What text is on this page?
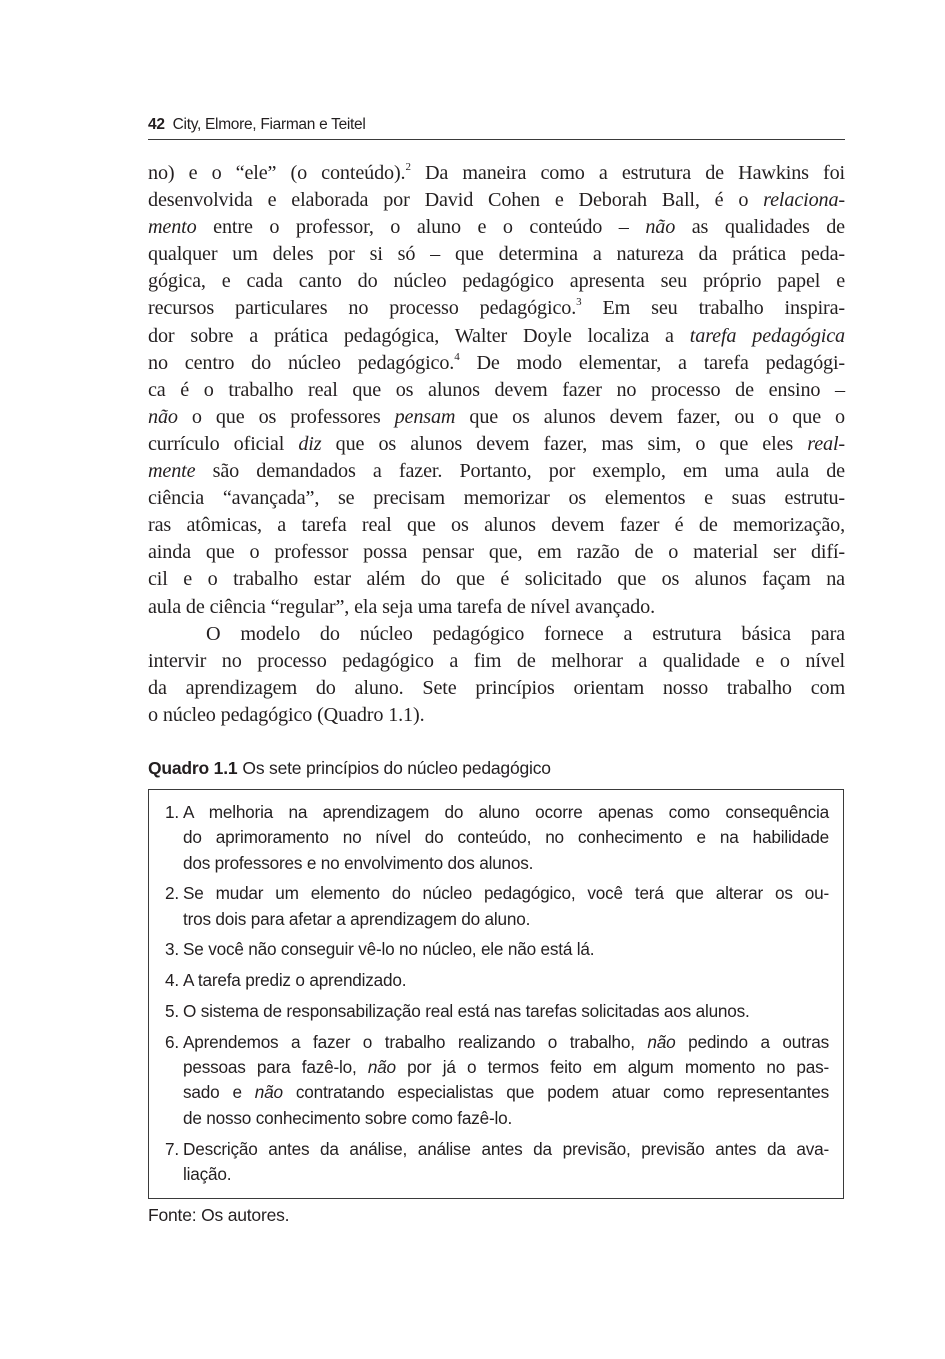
42 City, Elmore, Fiarman e Teitel
no) e o “ele” (o conteúdo).$^2$ Da maneira como a estrutura de Hawkins foi
desenvolvida e elaborada por David Cohen e Deborah Ball, é o relaciona-
mento entre o professor, o aluno e o conteúdo – não as qualidades de
qualquer um deles por si só – que determina a natureza da prática peda-
gógica, e cada canto do núcleo pedagógico apresenta seu próprio papel e
recursos particulares no processo pedagógico.$^3$ Em seu trabalho inspira-
dor sobre a prática pedagógica, Walter Doyle localiza a tarefa pedagógica
no centro do núcleo pedagógico.$^4$ De modo elementar, a tarefa pedagógi-
ca é o trabalho real que os alunos devem fazer no processo de ensino –
não o que os professores pensam que os alunos devem fazer, ou o que o
currículo oficial diz que os alunos devem fazer, mas sim, o que eles real-
mente são demandados a fazer. Portanto, por exemplo, em uma aula de
ciência “avançada”, se precisam memorizar os elementos e suas estrutu-
ras atômicas, a tarefa real que os alunos devem fazer é de memorização,
ainda que o professor possa pensar que, em razão de o material ser difí-
cil e o trabalho estar além do que é solicitado que os alunos façam na
aula de ciência “regular”, ela seja uma tarefa de nível avançado.
O modelo do núcleo pedagógico fornece a estrutura básica para
intervir no processo pedagógico a fim de melhorar a qualidade e o nível
da aprendizagem do aluno. Sete princípios orientam nosso trabalho com
o núcleo pedagógico (Quadro 1.1).
Quadro 1.1 Os sete princípios do núcleo pedagógico
1. A melhoria na aprendizagem do aluno ocorre apenas como consequência
do aprimoramento no nível do conteúdo, no conhecimento e na habilidade
dos professores e no envolvimento dos alunos.
2. Se mudar um elemento do núcleo pedagógico, você terá que alterar os ou-
tros dois para afetar a aprendizagem do aluno.
3. Se você não conseguir vê-lo no núcleo, ele não está lá.
4. A tarefa prediz o aprendizado.
5. O sistema de responsabilização real está nas tarefas solicitadas aos alunos.
6. Aprendemos a fazer o trabalho realizando o trabalho, não pedindo a outras
pessoas para fazê-lo, não por já o termos feito em algum momento no pas-
sado e não contratando especialistas que podem atuar como representantes
de nosso conhecimento sobre como fazê-lo.
7. Descrição antes da análise, análise antes da previsão, previsão antes da ava-
liação.
Fonte: Os autores.
